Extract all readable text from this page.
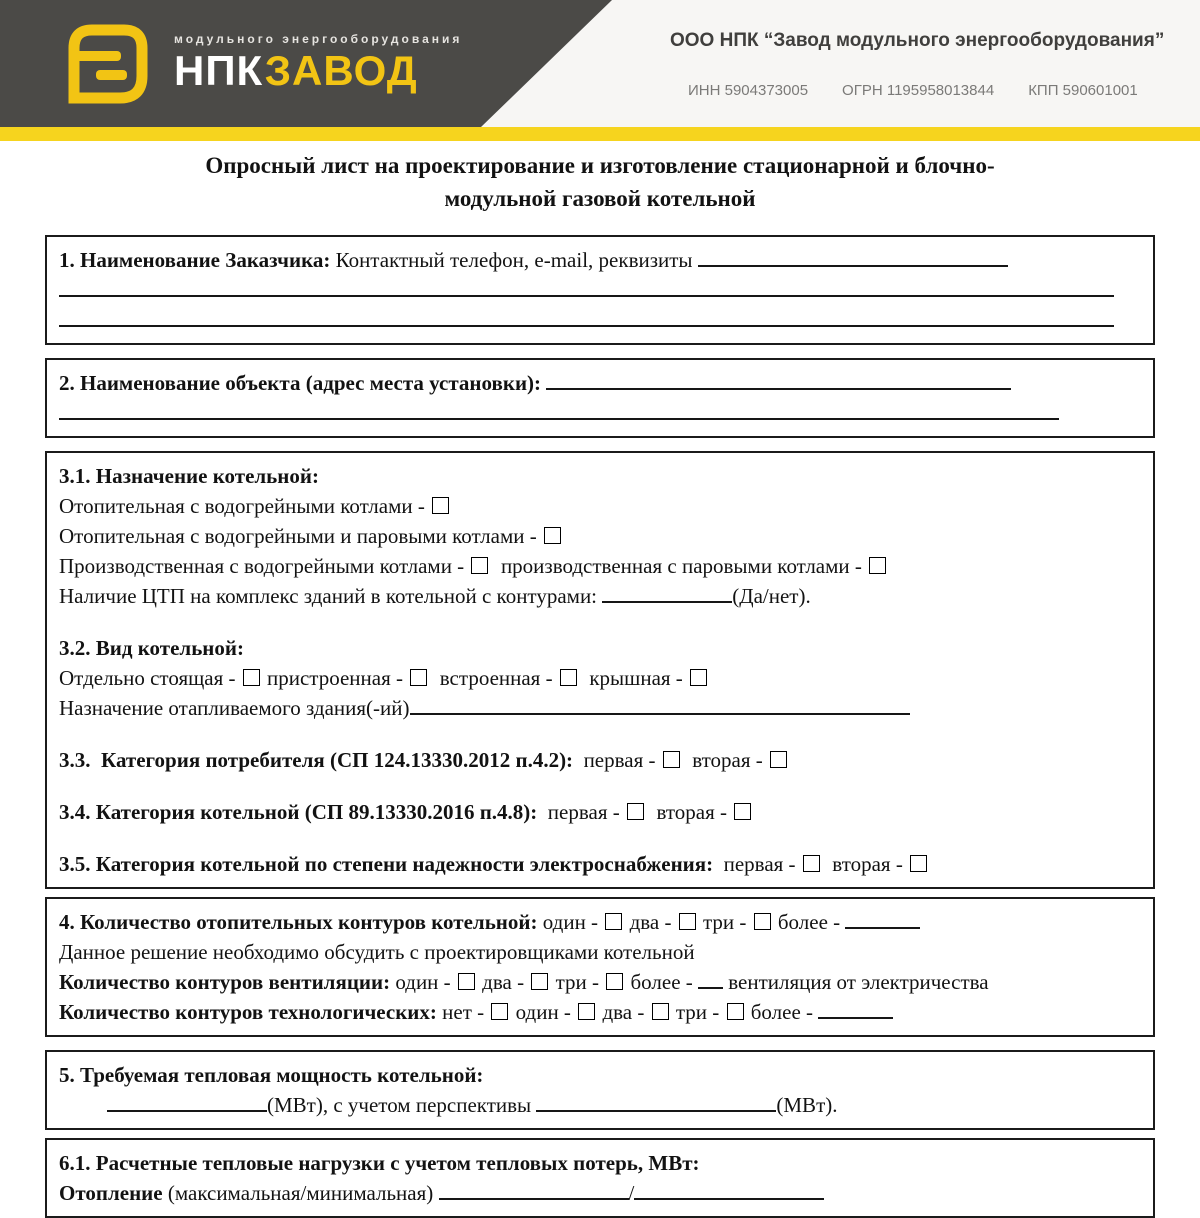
модульного энергооборудования
НПКЗАВОД
ООО НПК “Завод модульного энергооборудования”
ИНН 5904373005 ОГРН 1195958013844 КПП 590601001
Опросный лист на проектирование и изготовление стационарной и блочно-
модульной газовой котельной
1. Наименование Заказчика: Контактный телефон, e-mail, реквизиты
2. Наименование объекта (адрес места установки):
3.1. Назначение котельной:
Отопительная с водогрейными котлами -
Отопительная с водогрейными и паровыми котлами -
Производственная с водогрейными котлами -   производственная с паровыми котлами -
Наличие ЦТП на комплекс зданий в котельной с контурами:	(Да/нет).
3.2. Вид котельной:
Отдельно стоящая -  пристроенная -   встроенная -   крышная -
Назначение отапливаемого здания(-ий)
3.3.  Категория потребителя (СП 124.13330.2012 п.4.2):  первая -   вторая -
3.4. Категория котельной (СП 89.13330.2016 п.4.8):  первая -   вторая -
3.5. Категория котельной по степени надежности электроснабжения:  первая -   вторая -
4. Количество отопительных контуров котельной: один -  два -  три -  более -
Данное решение необходимо обсудить с проектировщиками котельной
Количество контуров вентиляции: один -  два -  три -  более -  вентиляция от электричества
Количество контуров технологических: нет -  один -  два -  три -  более -
5. Требуемая тепловая мощность котельной:
(МВт), с учетом перспективы	(МВт).
6.1. Расчетные тепловые нагрузки с учетом тепловых потерь, МВт:
Отопление (максимальная/минимальная)	/
